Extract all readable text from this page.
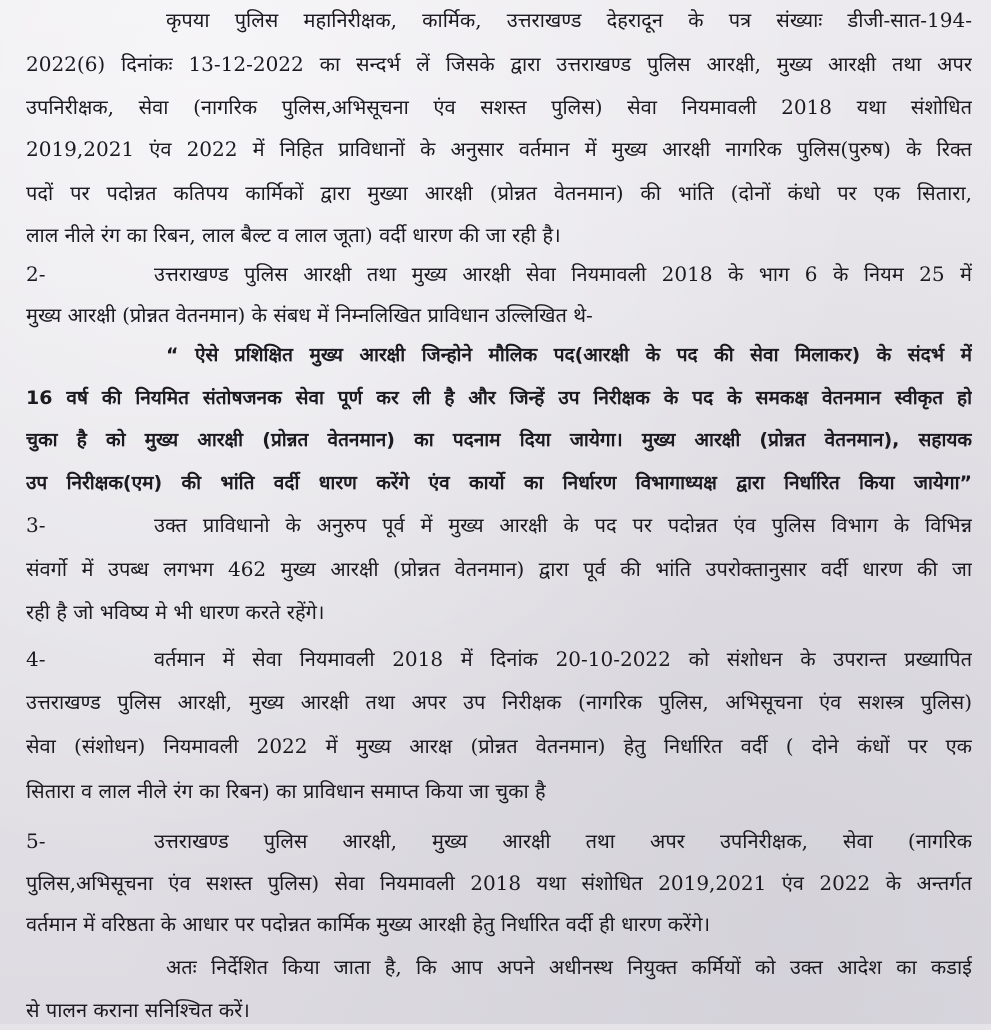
कृपया पुलिस महानिरीक्षक, कार्मिक, उत्तराखण्ड देहरादून के पत्र संख्याः डीजी-सात-194-
2022(6) दिनांकः 13-12-2022 का सन्दर्भ लें जिसके द्वारा उत्तराखण्ड पुलिस आरक्षी, मुख्य आरक्षी तथा अपर
उपनिरीक्षक, सेवा (नागरिक पुलिस,अभिसूचना एंव सशस्त पुलिस) सेवा नियमावली 2018 यथा संशोधित
2019,2021 एंव 2022 में निहित प्राविधानों के अनुसार वर्तमान में मुख्य आरक्षी नागरिक पुलिस(पुरुष) के रिक्त
पदों पर पदोन्नत कतिपय कार्मिकों द्वारा मुख्या आरक्षी (प्रोन्नत वेतनमान) की भांति (दोनों कंधो पर एक सितारा,
लाल नीले रंग का रिबन, लाल बैल्ट व लाल जूता) वर्दी धारण की जा रही है।
2-	उत्तराखण्ड पुलिस आरक्षी तथा मुख्य आरक्षी सेवा नियमावली 2018 के भाग 6 के नियम 25 में
मुख्य आरक्षी (प्रोन्नत वेतनमान) के संबध में निम्नलिखित प्राविधान उल्लिखित थे-
“ ऐसे प्रशिक्षित मुख्य आरक्षी जिन्होने मौलिक पद(आरक्षी के पद की सेवा मिलाकर) के संदर्भ में
16 वर्ष की नियमित संतोषजनक सेवा पूर्ण कर ली है और जिन्हें उप निरीक्षक के पद के समकक्ष वेतनमान स्वीकृत हो
चुका है को मुख्य आरक्षी (प्रोन्नत वेतनमान) का पदनाम दिया जायेगा। मुख्य आरक्षी (प्रोन्नत वेतनमान), सहायक
उप निरीक्षक(एम) की भांति वर्दी धारण करेंगे एंव कार्यो का निर्धारण विभागाध्यक्ष द्वारा निर्धारित किया जायेगा”
3-	उक्त प्राविधानो के अनुरुप पूर्व में मुख्य आरक्षी के पद पर पदोन्नत एंव पुलिस विभाग के विभिन्न
संवर्गो में उपब्ध लगभग 462 मुख्य आरक्षी (प्रोन्नत वेतनमान) द्वारा पूर्व की भांति उपरोक्तानुसार वर्दी धारण की जा
रही है जो भविष्य मे भी धारण करते रहेंगे।
4-	वर्तमान में सेवा नियमावली 2018 में दिनांक 20-10-2022 को संशोधन के उपरान्त प्रख्यापित
उत्तराखण्ड पुलिस आरक्षी, मुख्य आरक्षी तथा अपर उप निरीक्षक (नागरिक पुलिस, अभिसूचना एंव सशस्त्र पुलिस)
सेवा (संशोधन) नियमावली 2022 में मुख्य आरक्ष (प्रोन्नत वेतनमान) हेतु निर्धारित वर्दी ( दोने कंधों पर एक
सितारा व लाल नीले रंग का रिबन) का प्राविधान समाप्त किया जा चुका है
5-	उत्तराखण्ड पुलिस आरक्षी, मुख्य आरक्षी तथा अपर उपनिरीक्षक, सेवा (नागरिक
पुलिस,अभिसूचना एंव सशस्त पुलिस) सेवा नियमावली 2018 यथा संशोधित 2019,2021 एंव 2022 के अन्तर्गत
वर्तमान में वरिष्ठता के आधार पर पदोन्नत कार्मिक मुख्य आरक्षी हेतु निर्धारित वर्दी ही धारण करेंगे।
अतः निर्देशित किया जाता है, कि आप अपने अधीनस्थ नियुक्त कर्मियों को उक्त आदेश का कडाई
से पालन कराना सनिश्चित करें।
